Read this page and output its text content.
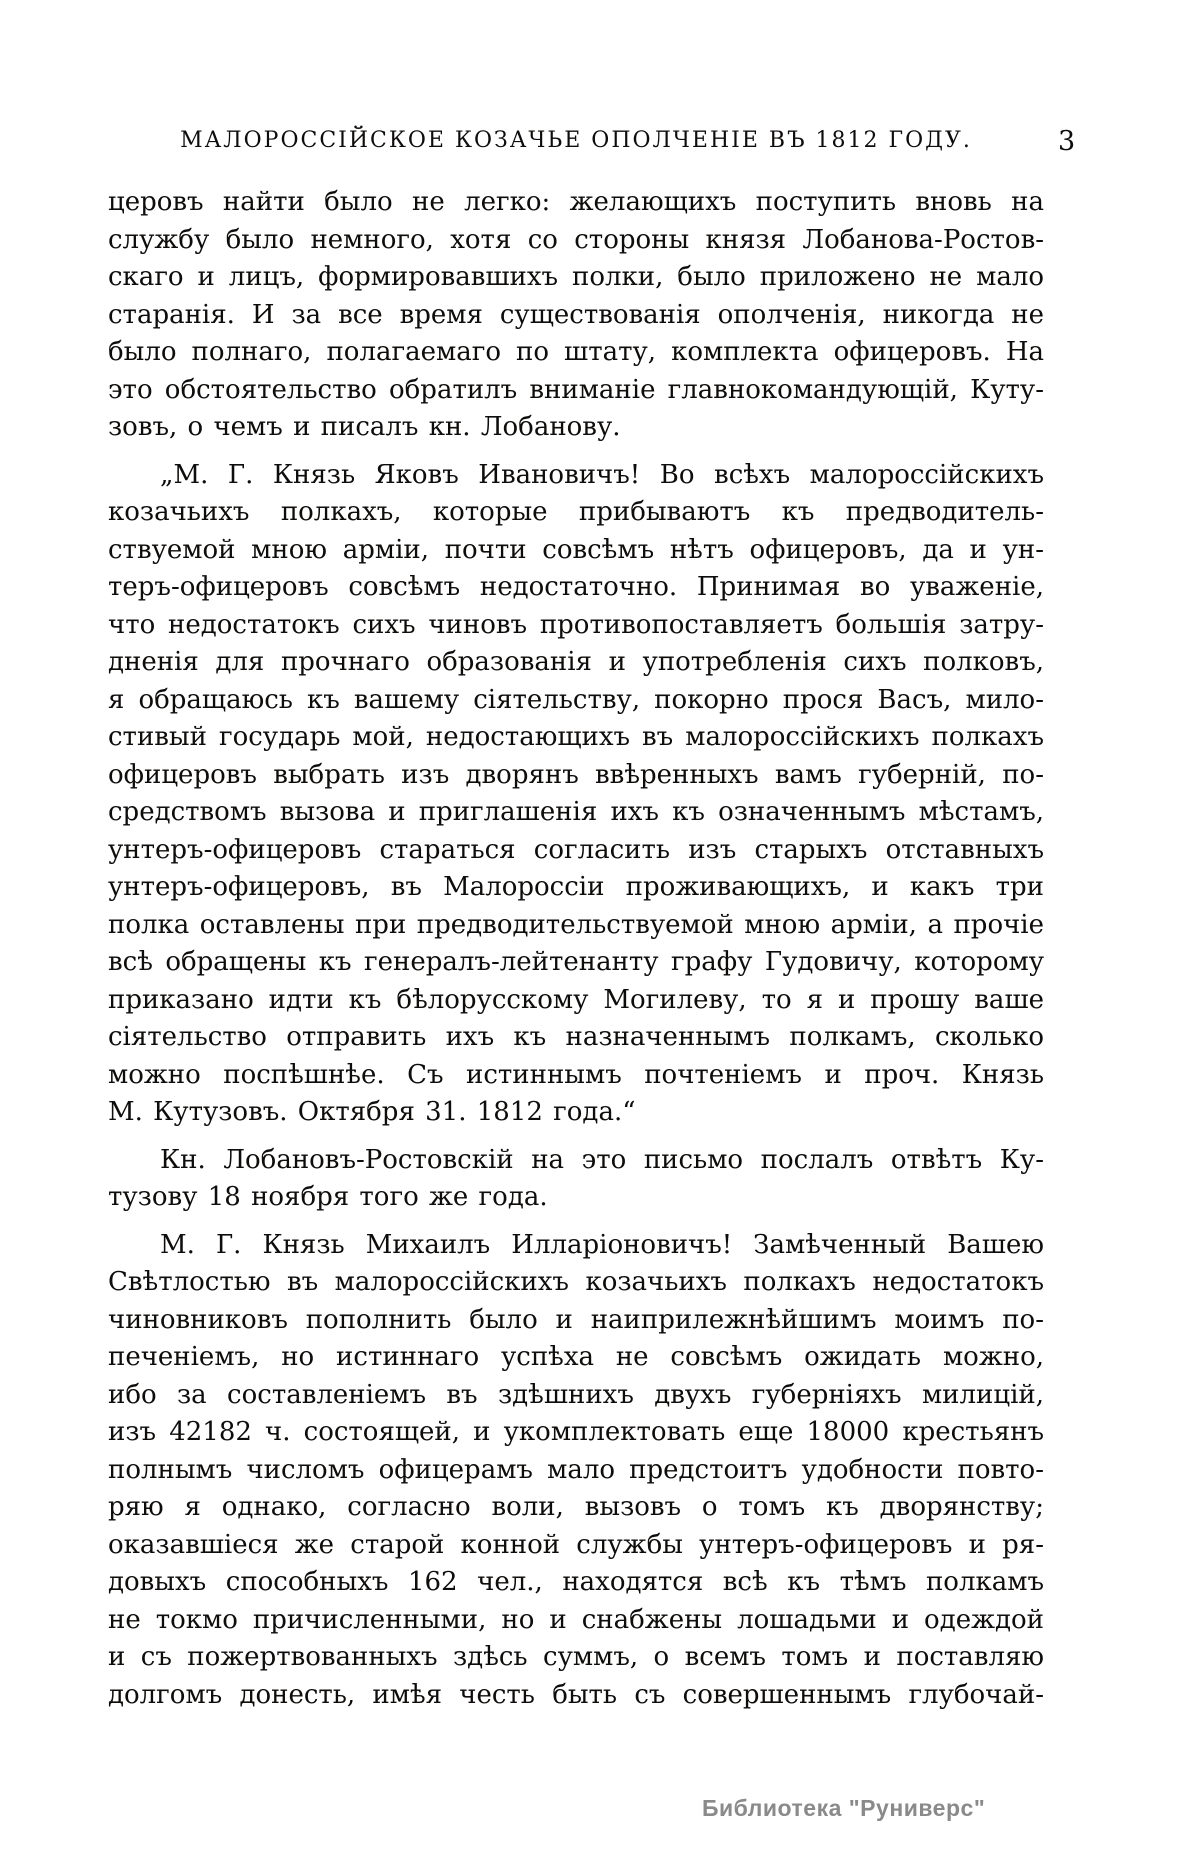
МАЛОРОССІЙСКОЕ КОЗАЧЬЕ ОПОЛЧЕНІЕ ВЪ 1812 ГОДУ.	3
церовъ найти было не легко: желающихъ поступить вновь на
службу было немного, хотя со стороны князя Лобанова-Ростов-
скаго и лицъ, формировавшихъ полки, было приложено не мало
старанія. И за все время существованія ополченія, никогда не
было полнаго, полагаемаго по штату, комплекта офицеровъ. На
это обстоятельство обратилъ вниманіе главнокомандующій, Куту-
зовъ, о чемъ и писалъ кн. Лобанову.
„М. Г. Князь Яковъ Ивановичъ! Во всѣхъ малороссійскихъ
козачьихъ полкахъ, которые прибываютъ къ предводитель-
ствуемой мною арміи, почти совсѣмъ нѣтъ офицеровъ, да и ун-
теръ-офицеровъ совсѣмъ недостаточно. Принимая во уваженіе,
что недостатокъ сихъ чиновъ противопоставляетъ большія затру-
дненія для прочнаго образованія и употребленія сихъ полковъ,
я обращаюсь къ вашему сіятельству, покорно прося Васъ, мило-
стивый государь мой, недостающихъ въ малороссійскихъ полкахъ
офицеровъ выбрать изъ дворянъ ввѣренныхъ вамъ губерній, по-
средствомъ вызова и приглашенія ихъ къ означеннымъ мѣстамъ,
унтеръ-офицеровъ стараться согласить изъ старыхъ отставныхъ
унтеръ-офицеровъ, въ Малороссіи проживающихъ, и какъ три
полка оставлены при предводительствуемой мною арміи, а прочіе
всѣ обращены къ генералъ-лейтенанту графу Гудовичу, которому
приказано идти къ бѣлорусскому Могилеву, то я и прошу ваше
сіятельство отправить ихъ къ назначеннымъ полкамъ, сколько
можно поспѣшнѣе. Съ истиннымъ почтеніемъ и проч. Князь
М. Кутузовъ. Октября 31. 1812 года.“
Кн. Лобановъ-Ростовскій на это письмо послалъ отвѣтъ Ку-
тузову 18 ноября того же года.
М. Г. Князь Михаилъ Илларіоновичъ! Замѣченный Вашею
Свѣтлостью въ малороссійскихъ козачьихъ полкахъ недостатокъ
чиновниковъ пополнить было и наиприлежнѣйшимъ моимъ по-
печеніемъ, но истиннаго успѣха не совсѣмъ ожидать можно,
ибо за составленіемъ въ здѣшнихъ двухъ губерніяхъ милицій,
изъ 42182 ч. состоящей, и укомплектовать еще 18000 крестьянъ
полнымъ числомъ офицерамъ мало предстоитъ удобности повто-
ряю я однако, согласно воли, вызовъ о томъ къ дворянству;
оказавшіеся же старой конной службы унтеръ-офицеровъ и ря-
довыхъ способныхъ 162 чел., находятся всѣ къ тѣмъ полкамъ
не токмо причисленными, но и снабжены лошадьми и одеждой
и съ пожертвованныхъ здѣсь суммъ, о всемъ томъ и поставляю
долгомъ донесть, имѣя честь быть съ совершеннымъ глубочай-
Библиотека "Руниверс"
